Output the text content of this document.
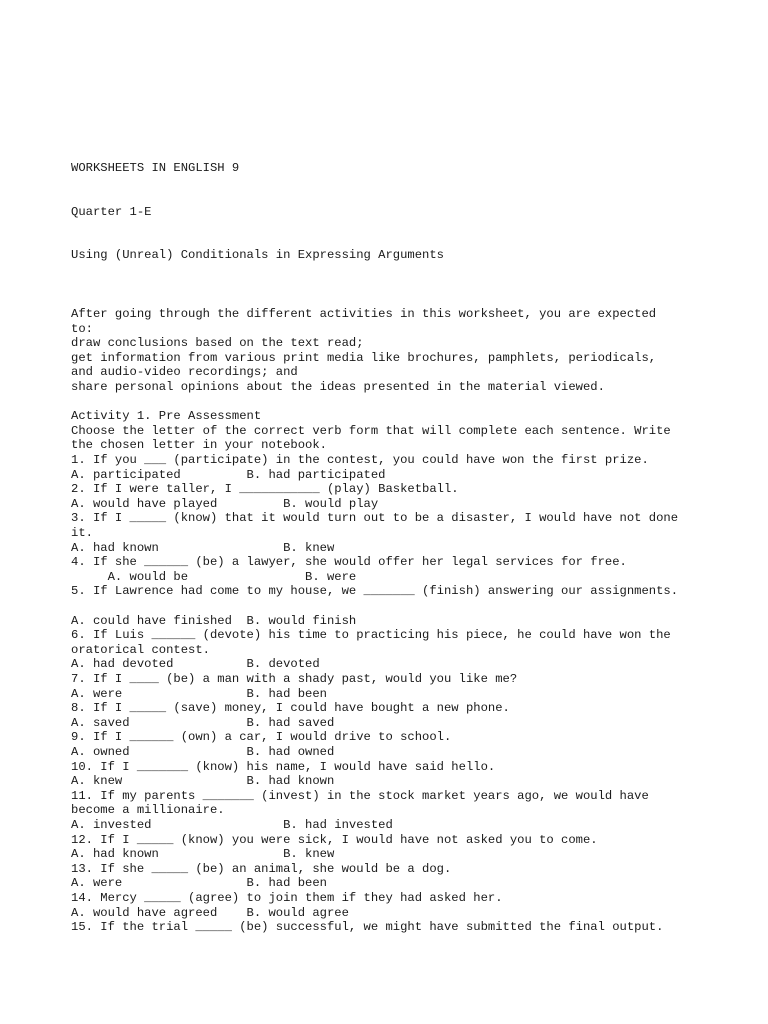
WORKSHEETS IN ENGLISH 9
Quarter 1-E
Using (Unreal) Conditionals in Expressing Arguments
After going through the different activities in this worksheet, you are expected
to:
draw conclusions based on the text read;
get information from various print media like brochures, pamphlets, periodicals,
and audio-video recordings; and
share personal opinions about the ideas presented in the material viewed.
Activity 1. Pre Assessment
Choose the letter of the correct verb form that will complete each sentence. Write
the chosen letter in your notebook.
1. If you ___ (participate) in the contest, you could have won the first prize.
A. participated         B. had participated
2. If I were taller, I ___________ (play) Basketball.
A. would have played         B. would play
3. If I _____ (know) that it would turn out to be a disaster, I would have not done
it.
A. had known                 B. knew
4. If she ______ (be) a lawyer, she would offer her legal services for free.
A. would be                B. were
5. If Lawrence had come to my house, we _______ (finish) answering our assignments.
A. could have finished  B. would finish
6. If Luis ______ (devote) his time to practicing his piece, he could have won the
oratorical contest.
A. had devoted          B. devoted
7. If I ____ (be) a man with a shady past, would you like me?
A. were                 B. had been
8. If I _____ (save) money, I could have bought a new phone.
A. saved                B. had saved
9. If I ______ (own) a car, I would drive to school.
A. owned                B. had owned
10. If I _______ (know) his name, I would have said hello.
A. knew                 B. had known
11. If my parents _______ (invest) in the stock market years ago, we would have
become a millionaire.
A. invested                  B. had invested
12. If I _____ (know) you were sick, I would have not asked you to come.
A. had known                 B. knew
13. If she _____ (be) an animal, she would be a dog.
A. were                 B. had been
14. Mercy _____ (agree) to join them if they had asked her.
A. would have agreed    B. would agree
15. If the trial _____ (be) successful, we might have submitted the final output.
